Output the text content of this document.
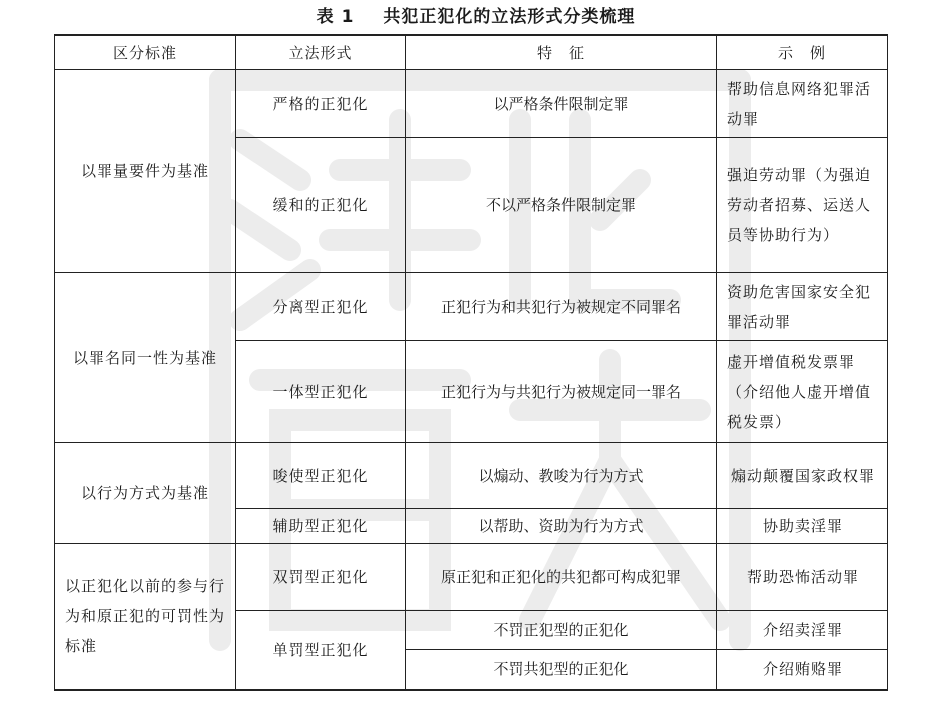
法北　寶大
表 1 共犯正犯化的立法形式分类梳理
区分标准	立法形式	特　征	示　例
以罪量要件为基准	严格的正犯化	以严格条件限制定罪	帮助信息网络犯罪活动罪
	缓和的正犯化	不以严格条件限制定罪	强迫劳动罪（为强迫劳动者招募、运送人员等协助行为）
以罪名同一性为基准	分离型正犯化	正犯行为和共犯行为被规定不同罪名	资助危害国家安全犯罪活动罪
	一体型正犯化	正犯行为与共犯行为被规定同一罪名	虚开增值税发票罪（介绍他人虚开增值税发票）
以行为方式为基准	唆使型正犯化	以煽动、教唆为行为方式	煽动颠覆国家政权罪
	辅助型正犯化	以帮助、资助为行为方式	协助卖淫罪
以正犯化以前的参与行为和原正犯的可罚性为标准	双罚型正犯化	原正犯和正犯化的共犯都可构成犯罪	帮助恐怖活动罪
	单罚型正犯化	不罚正犯型的正犯化	介绍卖淫罪
		不罚共犯型的正犯化	介绍贿赂罪
